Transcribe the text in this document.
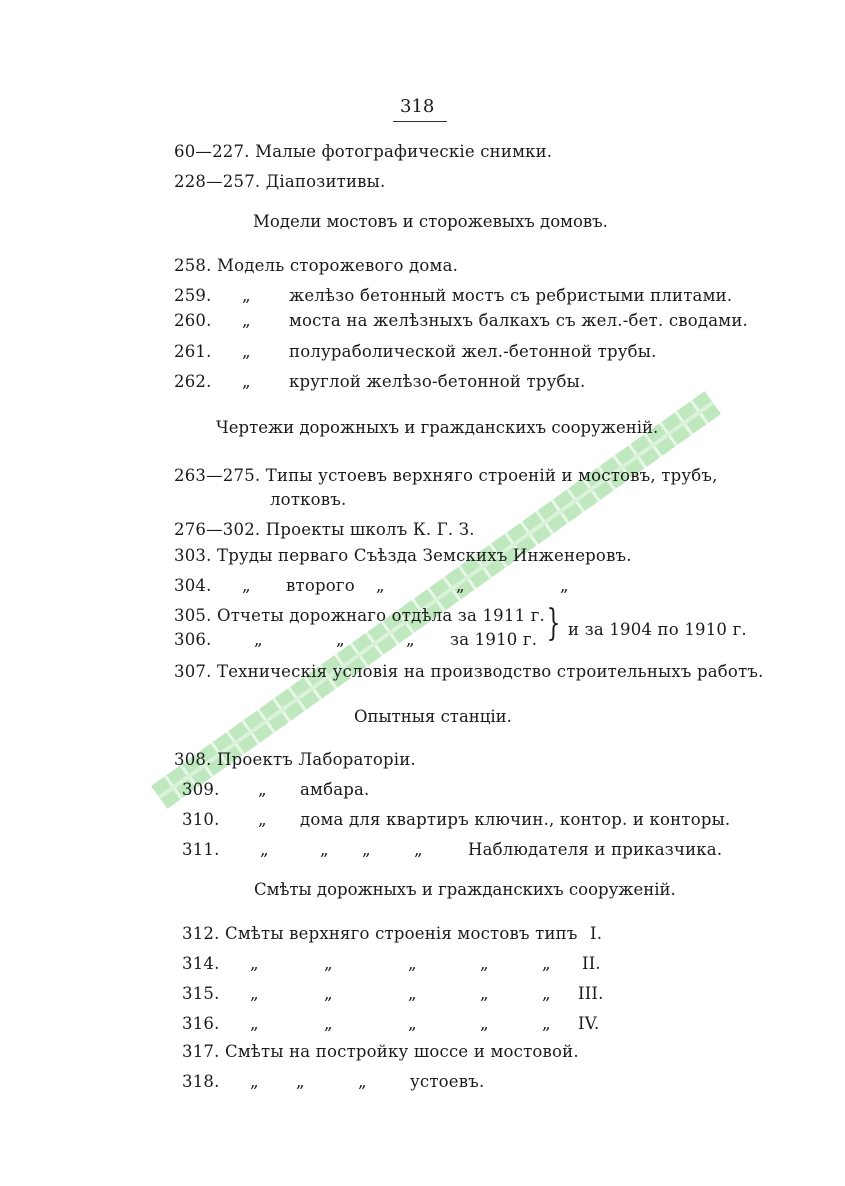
318
60—227. Малые фотографическіе снимки.
228—257. Діапозитивы.
Модели мостовъ и сторожевыхъ домовъ.
258. Модель сторожевого дома.
259. „ желѣзо бетонный мостъ съ ребристыми плитами.
260. „ моста на желѣзныхъ балкахъ съ жел.-бет. сводами.
261. „ полураболической жел.-бетонной трубы.
262. „ круглой желѣзо-бетонной трубы.
Чертежи дорожныхъ и гражданскихъ сооруженій.
263—275. Типы устоевъ верхняго строеній и мостовъ, трубъ,
лотковъ.
276—302. Проекты школъ К. Г. З.
303. Труды перваго Съѣзда Земскихъ Инженеровъ.
304. „ второго „	„	„
305. Отчеты дорожнаго отдѣла за 1911 г.
306.	„	„	„ за 1910 г. } и за 1904 по 1910 г.
307. Техническія условія на производство строительныхъ работъ.
Опытныя станціи.
308. Проектъ Лабораторіи.
309. „ амбара.
310. „ дома для квартиръ ключин., контор. и конторы.
311. „	„ „	„	Наблюдателя и приказчика.
Смѣты дорожныхъ и гражданскихъ сооруженій.
312. Смѣты верхняго строенія мостовъ типъ I.
314. „	„	„	„	„ II.
315. „	„	„	„	„ III.
316. „	„	„	„	„ IV.
317. Смѣты на постройку шоссе и мостовой.
318. „ „	„	устоевъ.
